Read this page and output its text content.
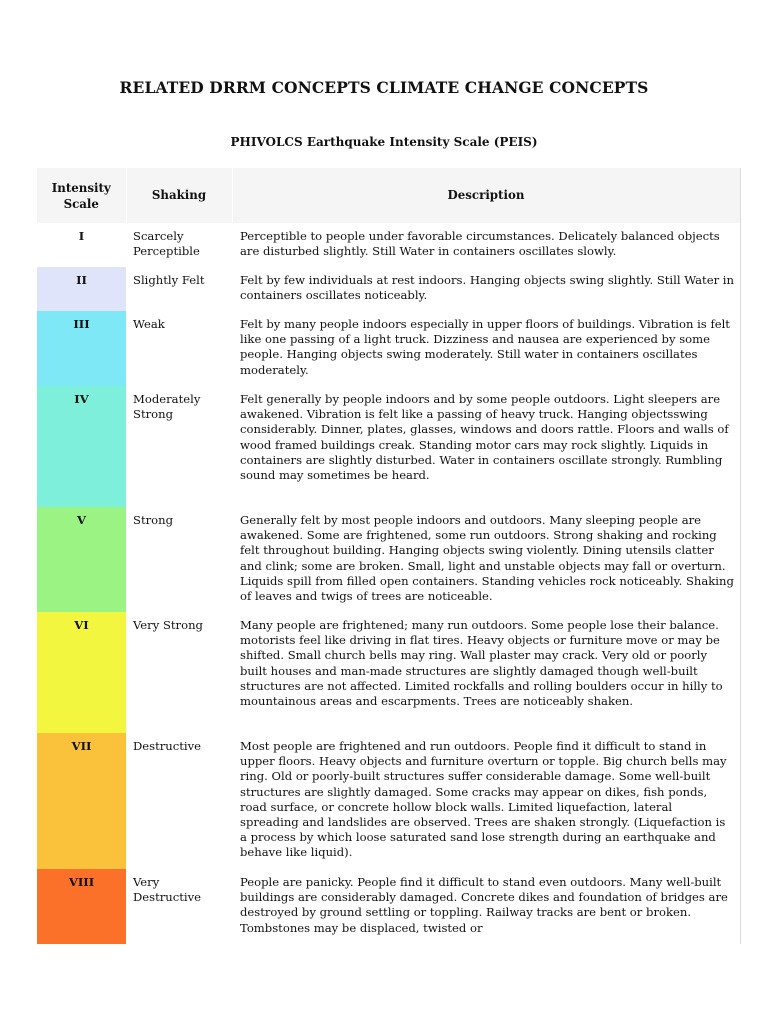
RELATED DRRM CONCEPTS CLIMATE CHANGE CONCEPTS
PHIVOLCS Earthquake Intensity Scale (PEIS)
Intensity Scale	Shaking	Description
I	Scarcely Perceptible	Perceptible to people under favorable circumstances. Delicately balanced objects are disturbed slightly. Still Water in containers oscillates slowly.
II	Slightly Felt	Felt by few individuals at rest indoors. Hanging objects swing slightly. Still Water in containers oscillates noticeably.
III	Weak	Felt by many people indoors especially in upper floors of buildings. Vibration is felt like one passing of a light truck. Dizziness and nausea are experienced by some people. Hanging objects swing moderately. Still water in containers oscillates moderately.
IV	Moderately Strong	Felt generally by people indoors and by some people outdoors. Light sleepers are awakened. Vibration is felt like a passing of heavy truck. Hanging objectsswing considerably. Dinner, plates, glasses, windows and doors rattle. Floors and walls of wood framed buildings creak. Standing motor cars may rock slightly. Liquids in containers are slightly disturbed. Water in containers oscillate strongly. Rumbling sound may sometimes be heard.
V	Strong	Generally felt by most people indoors and outdoors. Many sleeping people are awakened. Some are frightened, some run outdoors. Strong shaking and rocking felt throughout building. Hanging objects swing violently. Dining utensils clatter and clink; some are broken. Small, light and unstable objects may fall or overturn. Liquids spill from filled open containers. Standing vehicles rock noticeably. Shaking of leaves and twigs of trees are noticeable.
VI	Very Strong	Many people are frightened; many run outdoors. Some people lose their balance. motorists feel like driving in flat tires. Heavy objects or furniture move or may be shifted. Small church bells may ring. Wall plaster may crack. Very old or poorly built houses and man-made structures are slightly damaged though well-built structures are not affected. Limited rockfalls and rolling boulders occur in hilly to mountainous areas and escarpments. Trees are noticeably shaken.
VII	Destructive	Most people are frightened and run outdoors. People find it difficult to stand in upper floors. Heavy objects and furniture overturn or topple. Big church bells may ring. Old or poorly-built structures suffer considerable damage. Some well-built structures are slightly damaged. Some cracks may appear on dikes, fish ponds, road surface, or concrete hollow block walls. Limited liquefaction, lateral spreading and landslides are observed. Trees are shaken strongly. (Liquefaction is a process by which loose saturated sand lose strength during an earthquake and behave like liquid).
VIII	Very Destructive	People are panicky. People find it difficult to stand even outdoors. Many well-built buildings are considerably damaged. Concrete dikes and foundation of bridges are destroyed by ground settling or toppling. Railway tracks are bent or broken. Tombstones may be displaced, twisted or
